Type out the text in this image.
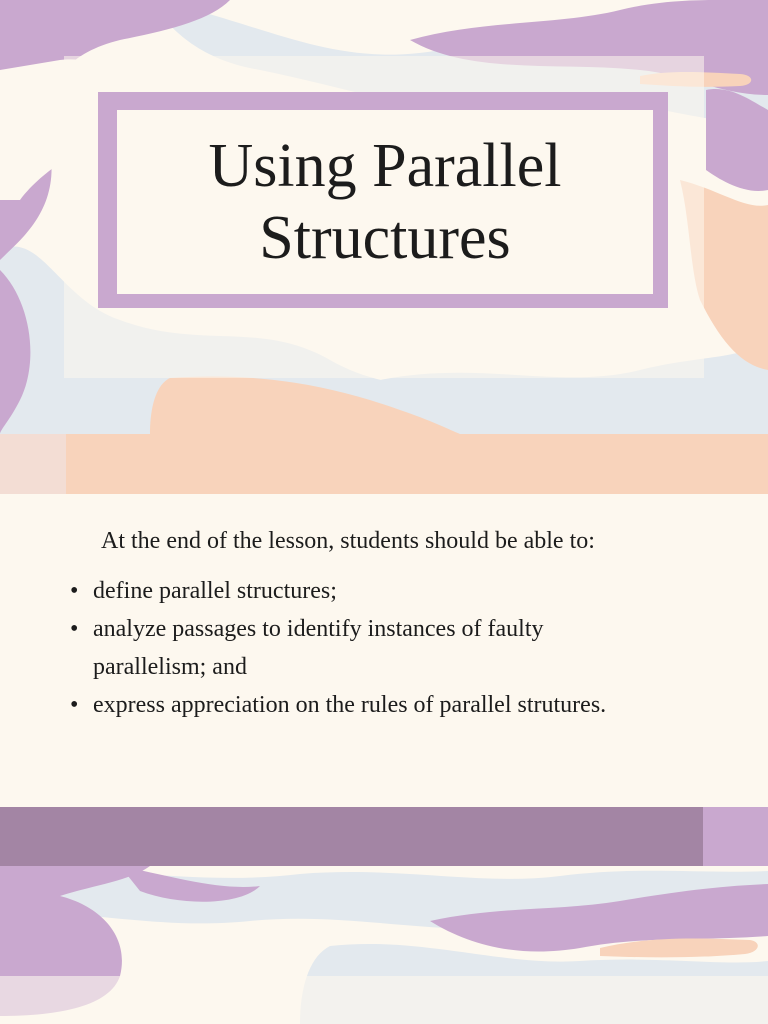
Using Parallel
Structures

At the end of the lesson, students should be able to:

• define parallel structures;
• analyze passages to identify instances of faulty parallelism; and
• express appreciation on the rules of parallel strutures.
